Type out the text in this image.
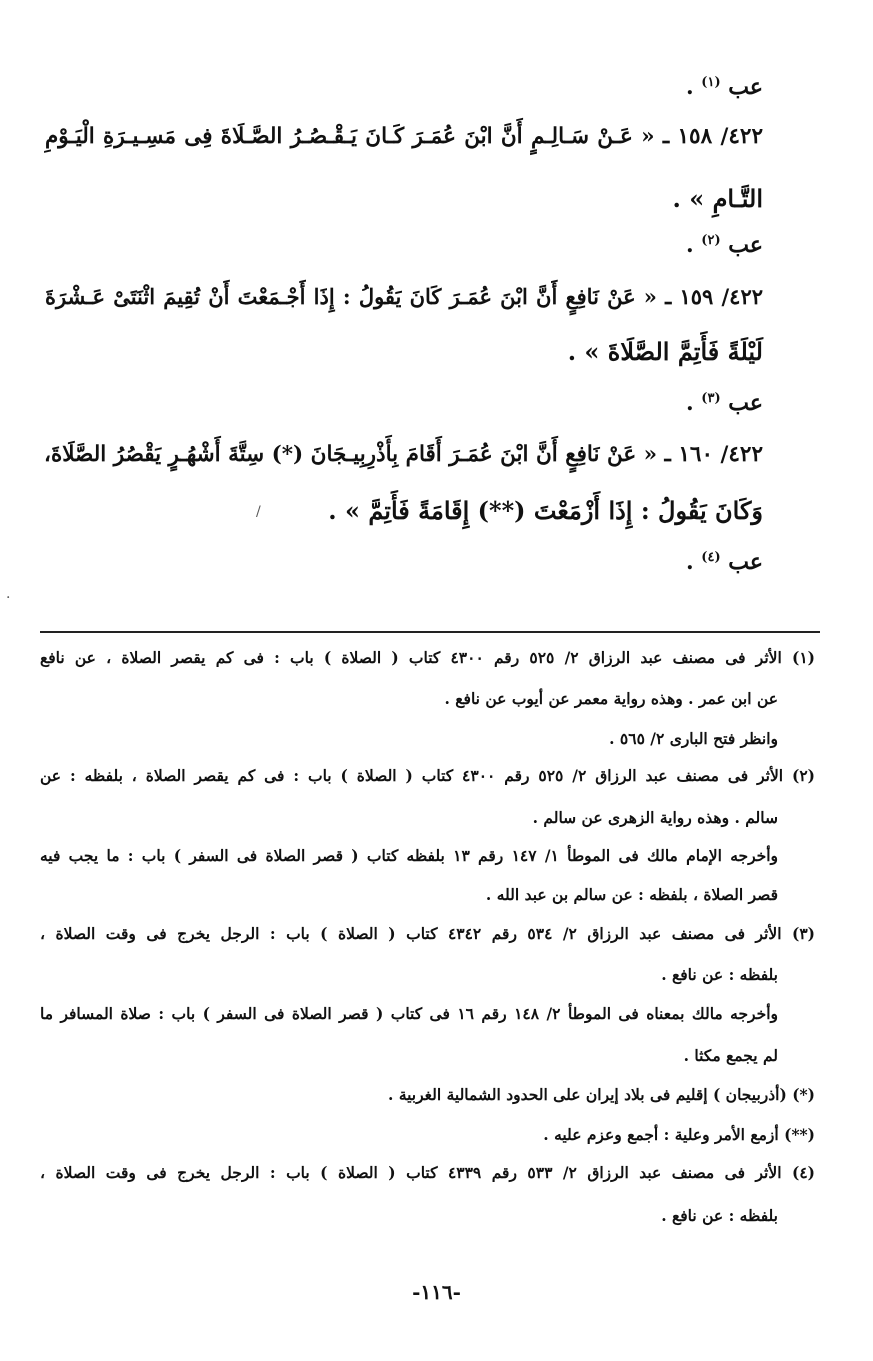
عب $^{(١)}$ .
٤٢٢/ ١٥٨ ـ « عَـنْ سَـالِـمٍ أَنَّ ابْنَ عُمَـرَ كَـانَ يَـقْـصُـرُ الصَّـلَاةَ فِى مَسِـيـرَةِ الْيَـوْمِ
التَّـامِ » .
عب $^{(٢)}$ .
٤٢٢/ ١٥٩ ـ « عَنْ نَافِعٍ أَنَّ ابْنَ عُمَـرَ كَانَ يَقُولُ : إِذَا أَجْـمَعْتَ أَنْ تُقِيمَ اثْنَتَىْ عَـشْرَةَ
لَيْلَةً فَأَتِمَّ الصَّلَاةَ » .
عب $^{(٣)}$ .
٤٢٢/ ١٦٠ ـ « عَنْ نَافِعٍ أَنَّ ابْنَ عُمَـرَ أَقَامَ بِأَذْرِبِيـجَانَ (*) سِتَّةَ أَشْهُـرٍ يَقْصُرُ الصَّلَاةَ،
وَكَانَ يَقُولُ : إِذَا أَزْمَعْتَ (**) إِقَامَةً فَأَتِمَّ » .
عب $^{(٤)}$ .
(١) الأثر فى مصنف عبد الرزاق ٢/ ٥٢٥ رقم ٤٣٠٠ كتاب ( الصلاة ) باب : فى كم يقصر الصلاة ، عن نافع
عن ابن عمر . وهذه رواية معمر عن أيوب عن نافع .
وانظر فتح البارى ٢/ ٥٦٥ .
(٢) الأثر فى مصنف عبد الرزاق ٢/ ٥٢٥ رقم ٤٣٠٠ كتاب ( الصلاة ) باب : فى كم يقصر الصلاة ، بلفظه : عن
سالم . وهذه رواية الزهرى عن سالم .
وأخرجه الإمام مالك فى الموطأ ١/ ١٤٧ رقم ١٣ بلفظه كتاب ( قصر الصلاة فى السفر ) باب : ما يجب فيه
قصر الصلاة ، بلفظه : عن سالم بن عبد الله .
(٣) الأثر فى مصنف عبد الرزاق ٢/ ٥٣٤ رقم ٤٣٤٢ كتاب ( الصلاة ) باب : الرجل يخرج فى وقت الصلاة ،
بلفظه : عن نافع .
وأخرجه مالك بمعناه فى الموطأ ٢/ ١٤٨ رقم ١٦ فى كتاب ( قصر الصلاة فى السفر ) باب : صلاة المسافر ما
لم يجمع مكثا .
(*) (أذربيجان ) إقليم فى بلاد إيران على الحدود الشمالية الغربية .
(**) أزمع الأمر وعلية : أجمع وعزم عليه .
(٤) الأثر فى مصنف عبد الرزاق ٢/ ٥٣٣ رقم ٤٣٣٩ كتاب ( الصلاة ) باب : الرجل يخرج فى وقت الصلاة ،
بلفظه : عن نافع .
-١١٦-
/
·
